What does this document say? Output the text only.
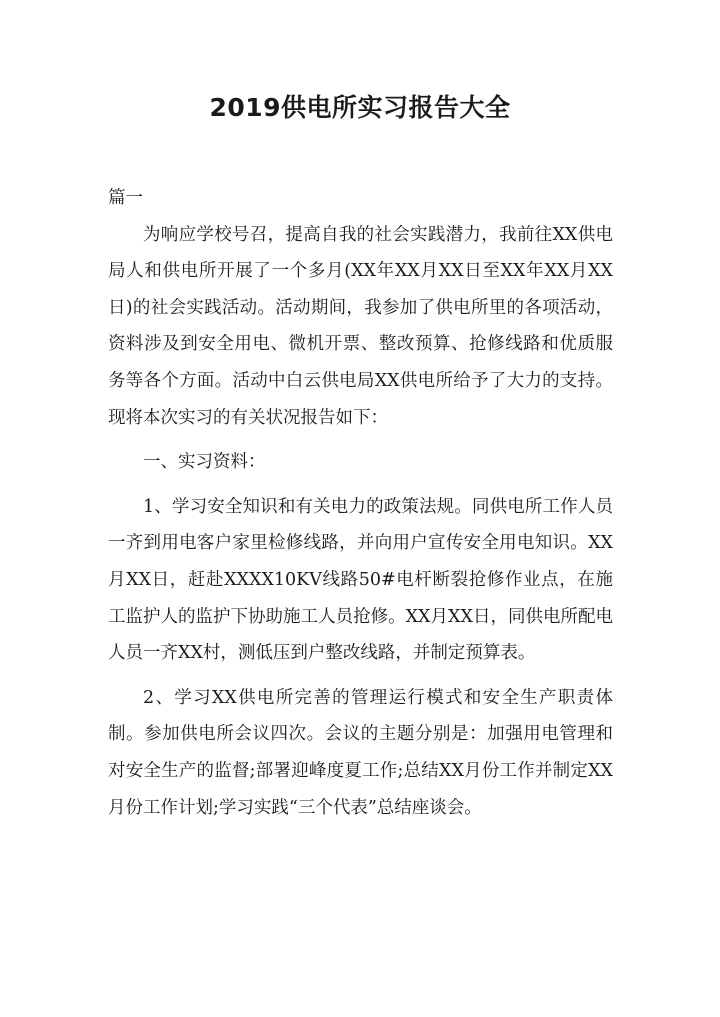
2019供电所实习报告大全

篇一

为响应学校号召，提高自我的社会实践潜力，我前往XX供电局人和供电所开展了一个多月(XX年XX月XX日至XX年XX月XX日)的社会实践活动。活动期间，我参加了供电所里的各项活动，资料涉及到安全用电、微机开票、整改预算、抢修线路和优质服务等各个方面。活动中白云供电局XX供电所给予了大力的支持。现将本次实习的有关状况报告如下：

一、实习资料：

1、学习安全知识和有关电力的政策法规。同供电所工作人员一齐到用电客户家里检修线路，并向用户宣传安全用电知识。XX月XX日，赶赴XXXX10KV线路50#电杆断裂抢修作业点，在施工监护人的监护下协助施工人员抢修。XX月XX日，同供电所配电人员一齐XX村，测低压到户整改线路，并制定预算表。

2、学习XX供电所完善的管理运行模式和安全生产职责体制。参加供电所会议四次。会议的主题分别是：加强用电管理和对安全生产的监督;部署迎峰度夏工作;总结XX月份工作并制定XX月份工作计划;学习实践“三个代表”总结座谈会。
